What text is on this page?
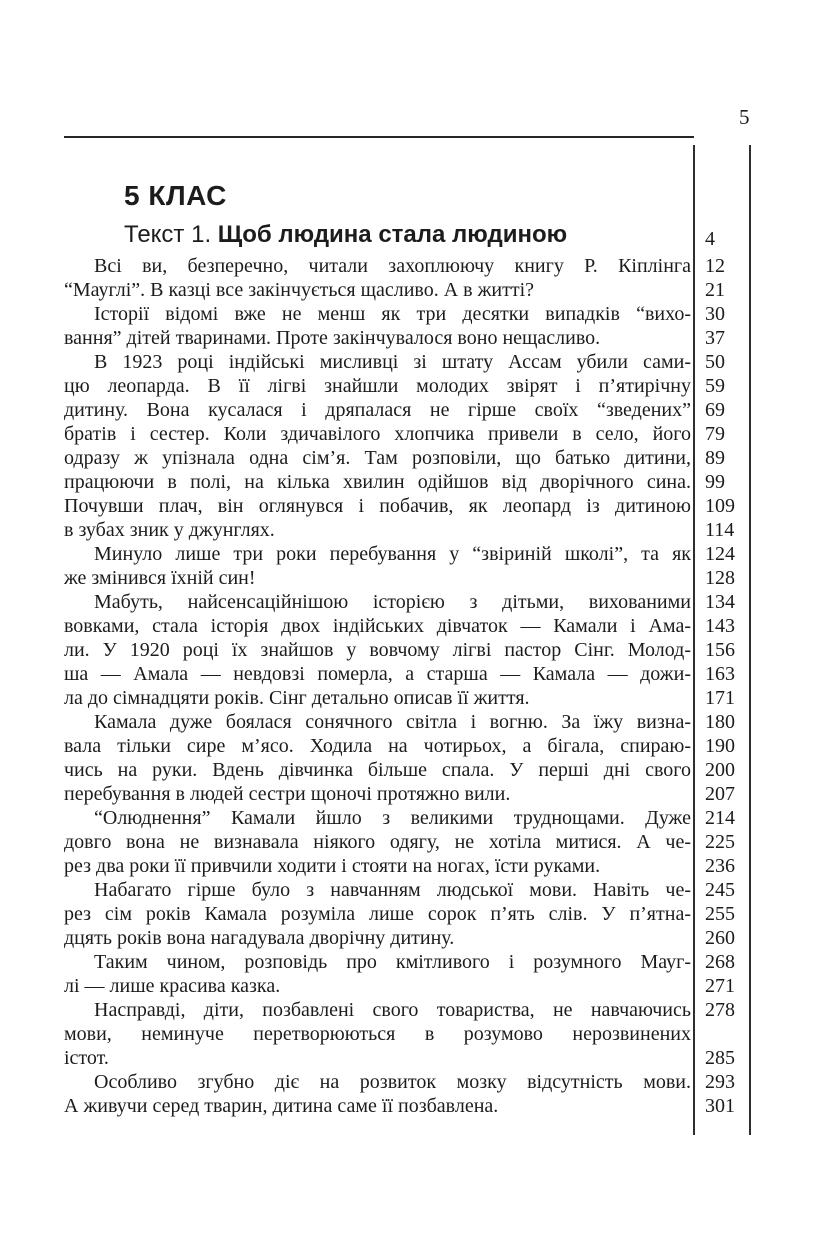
5
5 КЛАС
Текст 1. Щоб людина стала людиною	4
Всі ви, безперечно, читали захоплюючу книгу Р. Кіплінга
“Мауглі”. В казці все закінчується щасливо. А в житті?
Історії відомі вже не менш як три десятки випадків “вихо-
вання” дітей тваринами. Проте закінчувалося воно нещасливо.
В 1923 році індійські мисливці зі штату Ассам убили сами-
цю леопарда. В її лігві знайшли молодих звірят і п’ятирічну
дитину. Вона кусалася і дряпалася не гірше своїх “зведених”
братів і сестер. Коли здичавілого хлопчика привели в село, його
одразу ж упізнала одна сім’я. Там розповіли, що батько дитини,
працюючи в полі, на кілька хвилин одійшов від дворічного сина.
Почувши плач, він оглянувся і побачив, як леопард із дитиною
в зубах зник у джунглях.
Минуло лише три роки перебування у “звіриній школі”, та як
же змінився їхній син!
Мабуть, найсенсаційнішою історією з дітьми, вихованими
вовками, стала історія двох індійських дівчаток — Камали і Ама-
ли. У 1920 році їх знайшов у вовчому лігві пастор Сінг. Молод-
ша — Амала — невдовзі померла, а старша — Камала — дожи-
ла до сімнадцяти років. Сінг детально описав її життя.
Камала дуже боялася сонячного світла і вогню. За їжу визна-
вала тільки сире м’ясо. Ходила на чотирьох, а бігала, спираю-
чись на руки. Вдень дівчинка більше спала. У перші дні свого
перебування в людей сестри щоночі протяжно вили.
“Олюднення” Камали йшло з великими труднощами. Дуже
довго вона не визнавала ніякого одягу, не хотіла митися. А че-
рез два роки її привчили ходити і стояти на ногах, їсти руками.
Набагато гірше було з навчанням людської мови. Навіть че-
рез сім років Камала розуміла лише сорок п’ять слів. У п’ятна-
дцять років вона нагадувала дворічну дитину.
Таким чином, розповідь про кмітливого і розумного Мауг-
лі — лише красива казка.
Насправді, діти, позбавлені свого товариства, не навчаючись
мови, неминуче перетворюються в розумово нерозвинених
істот.
Особливо згубно діє на розвиток мозку відсутність мови.
А живучи серед тварин, дитина саме її позбавлена.
12
21
30
37
50
59
69
79
89
99
109
114
124
128
134
143
156
163
171
180
190
200
207
214
225
236
245
255
260
268
271
278
285
293
301
